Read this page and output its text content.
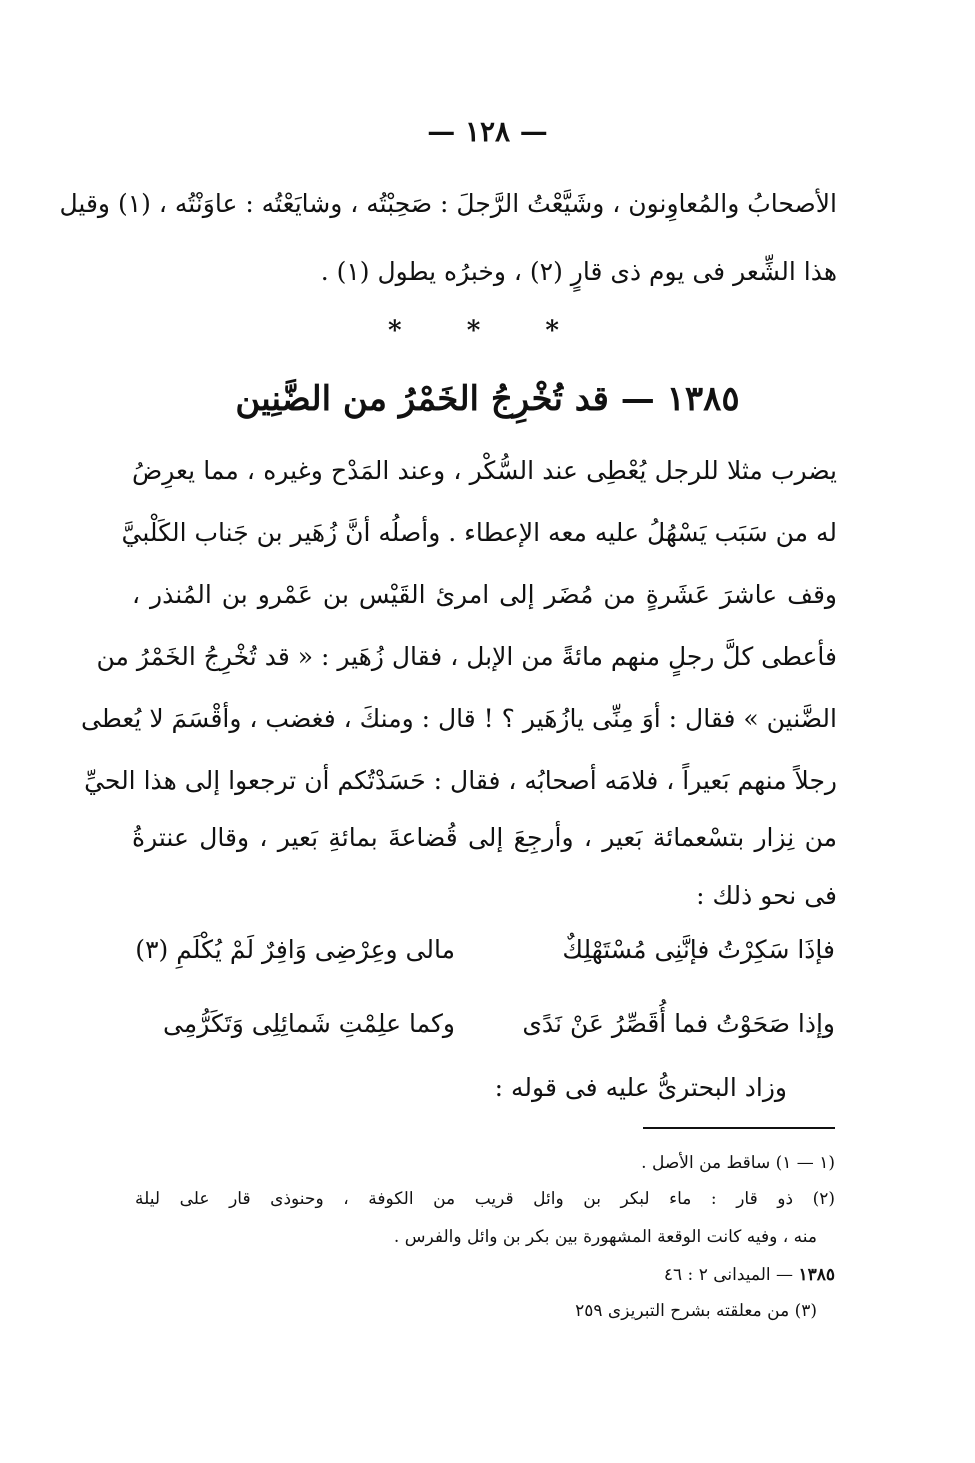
— ١٢٨ —
الأصحابُ والمُعاوِنون ، وشَيَّعْتُ الرَّجلَ : صَحِبْتُه ، وشايَعْتُه : عاوَنْتُه ، (١) وقيل
هذا الشِّعر فى يوم ذى قارٍ (٢) ، وخبرُه يطول (١) .
* * *
١٣٨٥ — قد تُخْرِجُ الخَمْرُ من الضَّنِين
يضرب مثلا للرجل يُعْطِى عند السُّكْر ، وعند المَدْح وغيره ، مما يعرِضُ
له من سَبَب يَسْهُلُ عليه معه الإعطاء . وأصلُه أنَّ زُهَير بن جَناب الكَلْبيَّ
وقف عاشرَ عَشَرةٍ من مُضَر إلى امرئ القَيْس بن عَمْرو بن المُنذر ،
فأعطى كلَّ رجلٍ منهم مائةً من الإبل ، فقال زُهَير : « قد تُخْرِجُ الخَمْرُ من
الضَّنين » فقال : أوَ مِنِّى يازُهَير ؟ ! قال : ومنكَ ، فغضب ، وأقْسَمَ لا يُعطى
رجلاً منهم بَعيراً ، فلامَه أصحابُه ، فقال : حَسَدْتُكم أن ترجعوا إلى هذا الحيِّ
من نِزار بتسْعمائة بَعير ، وأرجِعَ إلى قُضاعةَ بمائةِ بَعير ، وقال عنترةُ
فى نحو ذلك :
فإذَا سَكِرْتُ فإنَّنِى مُسْتَهْلِكٌ
مالى وعِرْضِى وَافِرٌ لَمْ يُكْلَمِ (٣)
وإذا صَحَوْتُ فما أُقَصِّرُ عَنْ نَدًى
وكما علِمْتِ شَمائِلِى وَتَكَرُّمِى
وزاد البحترىُّ عليه فى قوله :
(١ — ١) ساقط من الأصل .
(٢) ذو قار : ماء لبكر بن وائل قريب من الكوفة ، وحنوذى قار على ليلة
منه ، وفيه كانت الوقعة المشهورة بين بكر بن وائل والفرس .
١٣٨٥ — الميدانى ٢ : ٤٦
(٣) من معلقته بشرح التبريزى ٢٥٩
